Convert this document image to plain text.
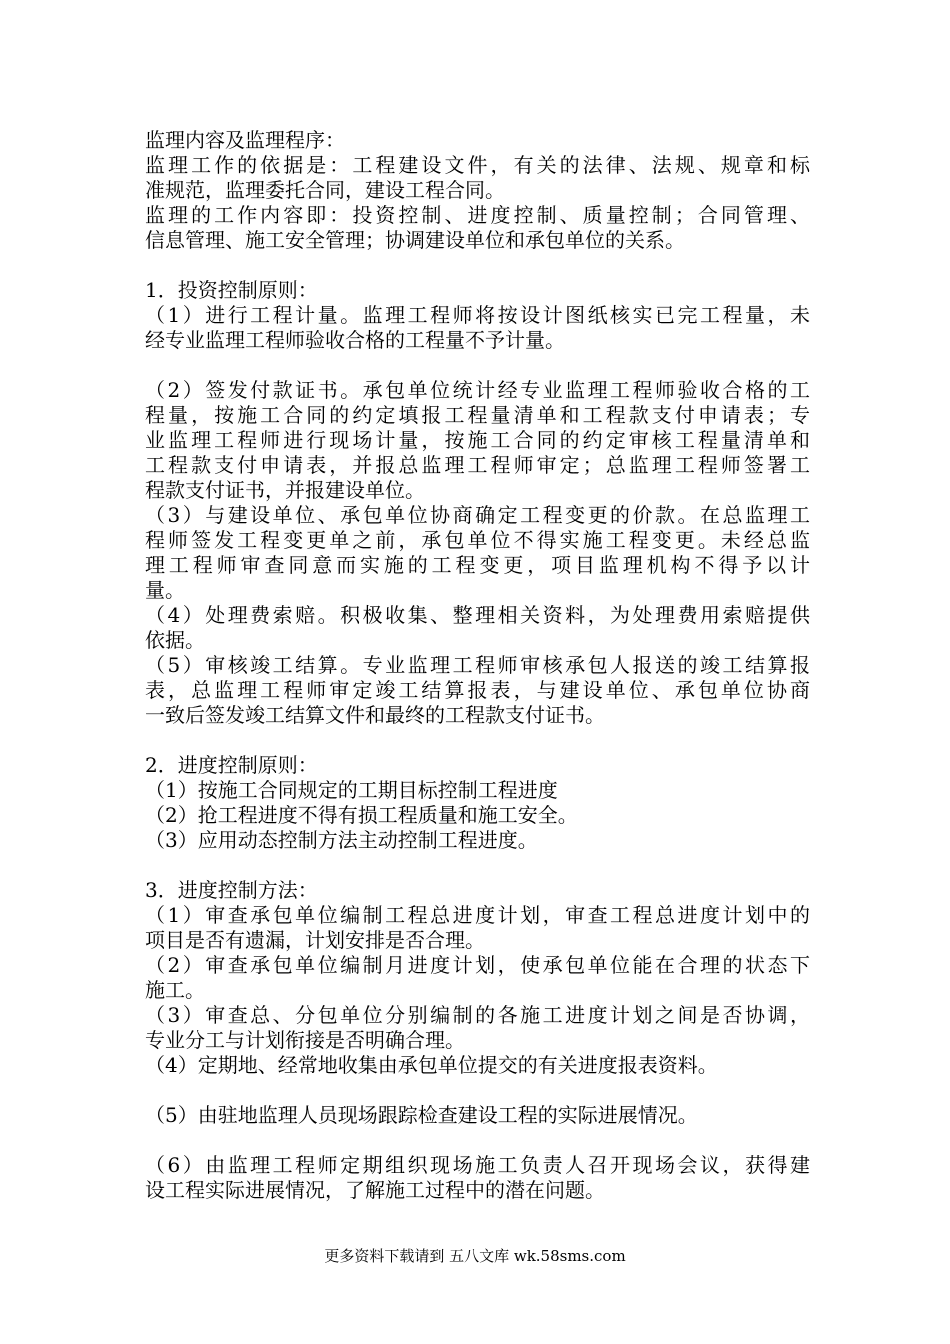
监理内容及监理程序：
监理工作的依据是：工程建设文件，有关的法律、法规、规章和标
准规范，监理委托合同，建设工程合同。
监理的工作内容即：投资控制、进度控制、质量控制；合同管理、
信息管理、施工安全管理；协调建设单位和承包单位的关系。
1．投资控制原则：
（1）进行工程计量。监理工程师将按设计图纸核实已完工程量，未
经专业监理工程师验收合格的工程量不予计量。
（2）签发付款证书。承包单位统计经专业监理工程师验收合格的工
程量，按施工合同的约定填报工程量清单和工程款支付申请表；专
业监理工程师进行现场计量，按施工合同的约定审核工程量清单和
工程款支付申请表，并报总监理工程师审定；总监理工程师签署工
程款支付证书，并报建设单位。
（3）与建设单位、承包单位协商确定工程变更的价款。在总监理工
程师签发工程变更单之前，承包单位不得实施工程变更。未经总监
理工程师审查同意而实施的工程变更，项目监理机构不得予以计
量。
（4）处理费索赔。积极收集、整理相关资料，为处理费用索赔提供
依据。
（5）审核竣工结算。专业监理工程师审核承包人报送的竣工结算报
表，总监理工程师审定竣工结算报表，与建设单位、承包单位协商
一致后签发竣工结算文件和最终的工程款支付证书。
2．进度控制原则：
（1）按施工合同规定的工期目标控制工程进度
（2）抢工程进度不得有损工程质量和施工安全。
（3）应用动态控制方法主动控制工程进度。
3．进度控制方法：
（1）审查承包单位编制工程总进度计划，审查工程总进度计划中的
项目是否有遗漏，计划安排是否合理。
（2）审查承包单位编制月进度计划，使承包单位能在合理的状态下
施工。
（3）审查总、分包单位分别编制的各施工进度计划之间是否协调，
专业分工与计划衔接是否明确合理。
（4）定期地、经常地收集由承包单位提交的有关进度报表资料。
（5）由驻地监理人员现场跟踪检查建设工程的实际进展情况。
（6）由监理工程师定期组织现场施工负责人召开现场会议，获得建
设工程实际进展情况，了解施工过程中的潜在问题。
更多资料下载请到 五八文库 wk.58sms.com
